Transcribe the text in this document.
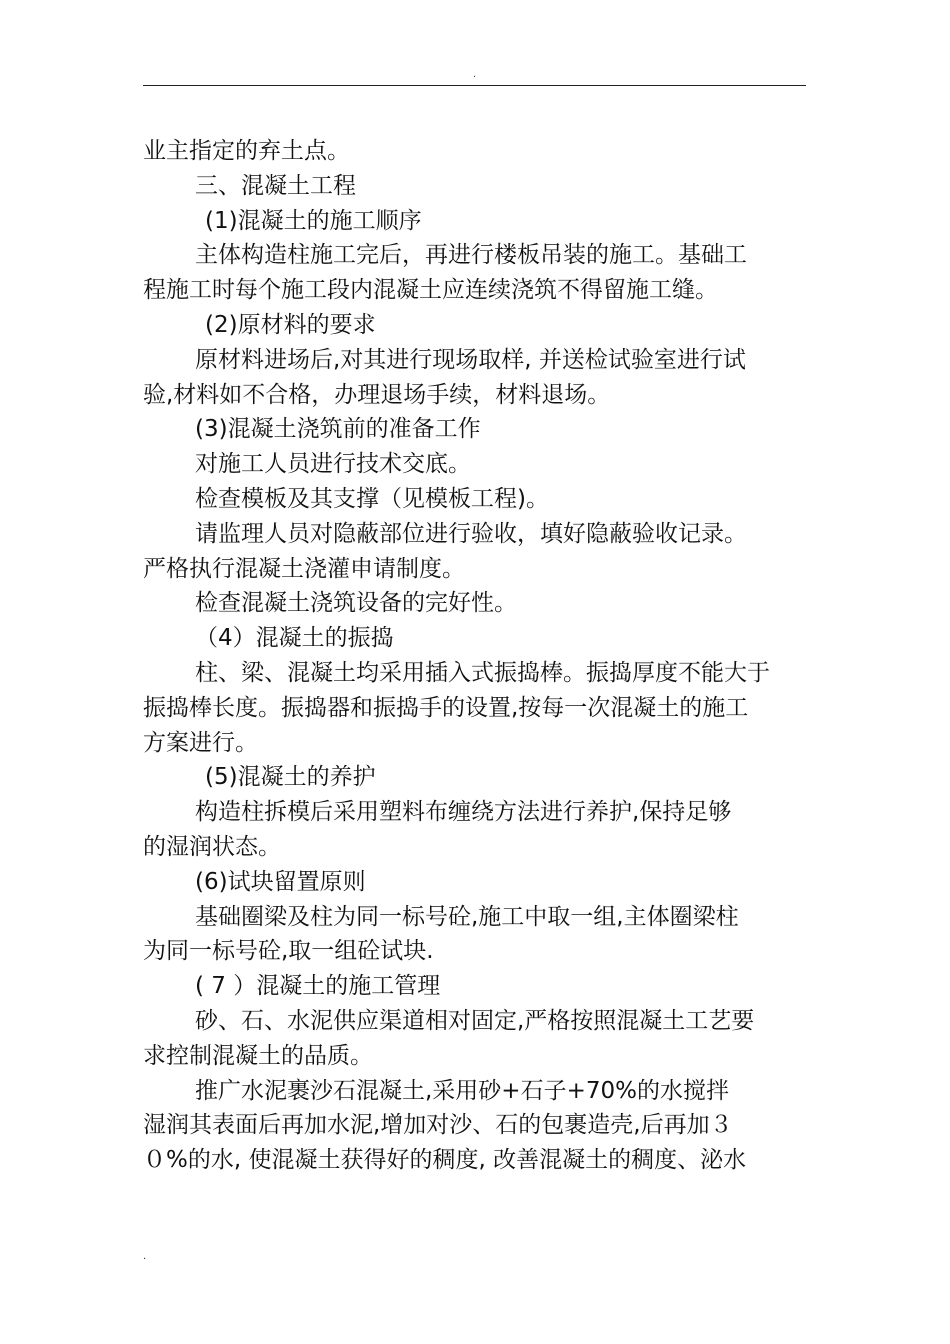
.
业主指定的弃土点。
三、混凝土工程
(1)混凝土的施工顺序
主体构造柱施工完后，再进行楼板吊装的施工。基础工
程施工时每个施工段内混凝土应连续浇筑不得留施工缝。
(2)原材料的要求
原材料进场后,对其进行现场取样, 并送检试验室进行试
验,材料如不合格，办理退场手续，材料退场。
(3)混凝土浇筑前的准备工作
对施工人员进行技术交底。
检查模板及其支撑（见模板工程)。
请监理人员对隐蔽部位进行验收，填好隐蔽验收记录。
严格执行混凝土浇灌申请制度。
检查混凝土浇筑设备的完好性。
（4）混凝土的振捣
柱、梁、混凝土均采用插入式振捣棒。振捣厚度不能大于
振捣棒长度。振捣器和振捣手的设置,按每一次混凝土的施工
方案进行。
(5)混凝土的养护
构造柱拆模后采用塑料布缠绕方法进行养护,保持足够
的湿润状态。
(6)试块留置原则
基础圈梁及柱为同一标号砼,施工中取一组,主体圈梁柱
为同一标号砼,取一组砼试块.
( 7 ）混凝土的施工管理
砂、石、水泥供应渠道相对固定,严格按照混凝土工艺要
求控制混凝土的品质。
推广水泥裹沙石混凝土,采用砂+石子+70%的水搅拌
湿润其表面后再加水泥,增加对沙、石的包裹造壳,后再加３
０%的水, 使混凝土获得好的稠度, 改善混凝土的稠度、泌水
.
